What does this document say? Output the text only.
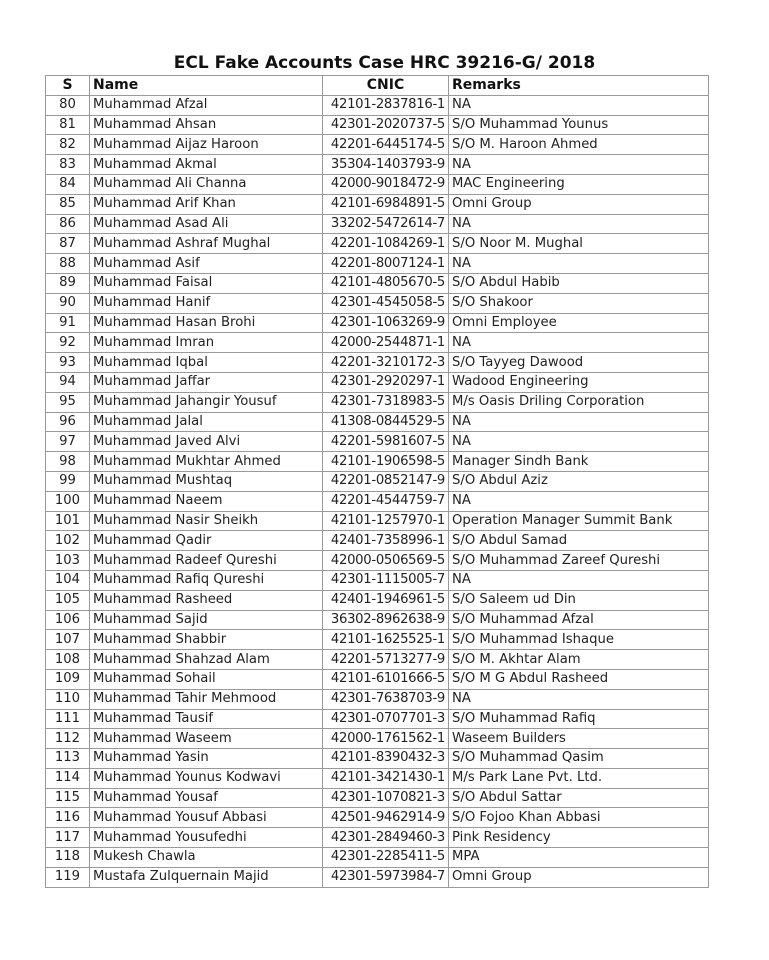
ECL Fake Accounts Case HRC 39216-G/ 2018
S	Name	CNIC	Remarks
80	Muhammad Afzal	42101-2837816-1	NA
81	Muhammad Ahsan	42301-2020737-5	S/O Muhammad Younus
82	Muhammad Aijaz Haroon	42201-6445174-5	S/O M. Haroon Ahmed
83	Muhammad Akmal	35304-1403793-9	NA
84	Muhammad Ali Channa	42000-9018472-9	MAC Engineering
85	Muhammad Arif Khan	42101-6984891-5	Omni Group
86	Muhammad Asad Ali	33202-5472614-7	NA
87	Muhammad Ashraf Mughal	42201-1084269-1	S/O Noor M. Mughal
88	Muhammad Asif	42201-8007124-1	NA
89	Muhammad Faisal	42101-4805670-5	S/O Abdul Habib
90	Muhammad Hanif	42301-4545058-5	S/O Shakoor
91	Muhammad Hasan Brohi	42301-1063269-9	Omni Employee
92	Muhammad Imran	42000-2544871-1	NA
93	Muhammad Iqbal	42201-3210172-3	S/O Tayyeg Dawood
94	Muhammad Jaffar	42301-2920297-1	Wadood Engineering
95	Muhammad Jahangir Yousuf	42301-7318983-5	M/s Oasis Driling Corporation
96	Muhammad Jalal	41308-0844529-5	NA
97	Muhammad Javed Alvi	42201-5981607-5	NA
98	Muhammad Mukhtar Ahmed	42101-1906598-5	Manager Sindh Bank
99	Muhammad Mushtaq	42201-0852147-9	S/O Abdul Aziz
100	Muhammad Naeem	42201-4544759-7	NA
101	Muhammad Nasir Sheikh	42101-1257970-1	Operation Manager Summit Bank
102	Muhammad Qadir	42401-7358996-1	S/O Abdul Samad
103	Muhammad Radeef Qureshi	42000-0506569-5	S/O Muhammad Zareef Qureshi
104	Muhammad Rafiq Qureshi	42301-1115005-7	NA
105	Muhammad Rasheed	42401-1946961-5	S/O Saleem ud Din
106	Muhammad Sajid	36302-8962638-9	S/O Muhammad Afzal
107	Muhammad Shabbir	42101-1625525-1	S/O Muhammad Ishaque
108	Muhammad Shahzad Alam	42201-5713277-9	S/O M. Akhtar Alam
109	Muhammad Sohail	42101-6101666-5	S/O M G Abdul Rasheed
110	Muhammad Tahir Mehmood	42301-7638703-9	NA
111	Muhammad Tausif	42301-0707701-3	S/O Muhammad Rafiq
112	Muhammad Waseem	42000-1761562-1	Waseem Builders
113	Muhammad Yasin	42101-8390432-3	S/O Muhammad Qasim
114	Muhammad Younus Kodwavi	42101-3421430-1	M/s Park Lane Pvt. Ltd.
115	Muhammad Yousaf	42301-1070821-3	S/O Abdul Sattar
116	Muhammad Yousuf Abbasi	42501-9462914-9	S/O Fojoo Khan Abbasi
117	Muhammad Yousufedhi	42301-2849460-3	Pink Residency
118	Mukesh Chawla	42301-2285411-5	MPA
119	Mustafa Zulquernain Majid	42301-5973984-7	Omni Group
